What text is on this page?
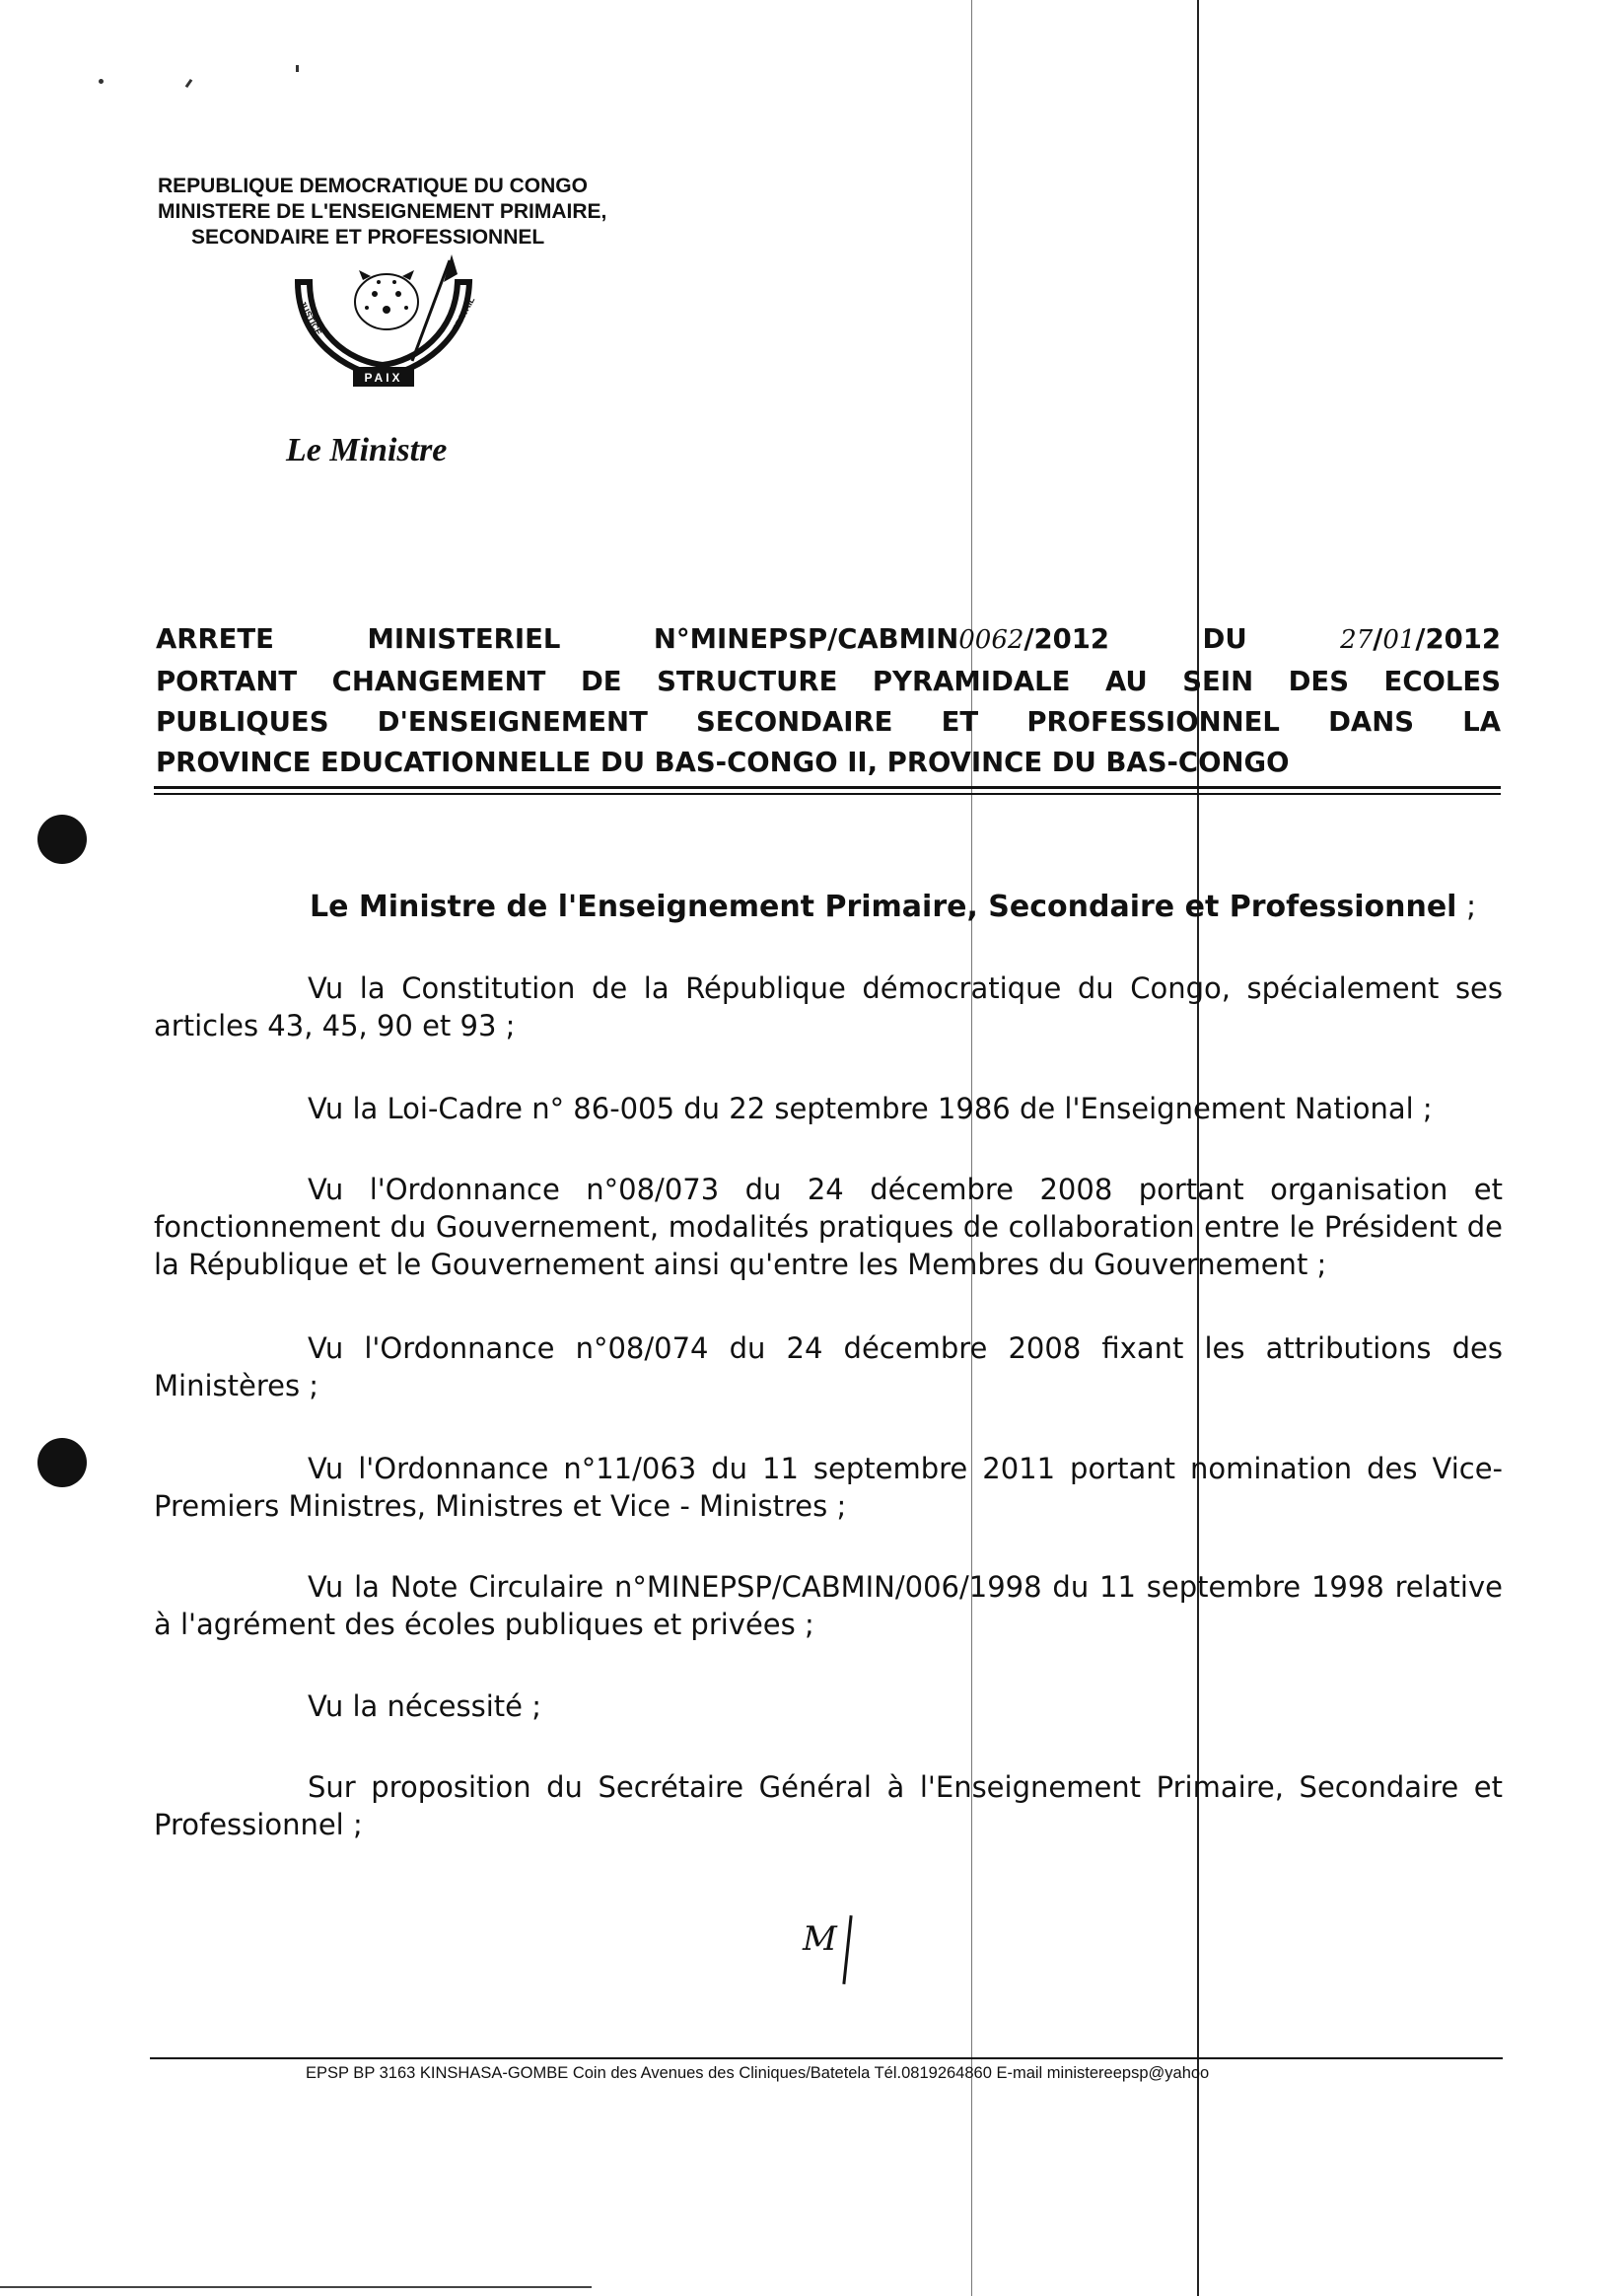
REPUBLIQUE DEMOCRATIQUE DU CONGO
MINISTERE DE L'ENSEIGNEMENT PRIMAIRE,
SECONDAIRE ET PROFESSIONNEL
PAIX
JUSTICE	TRAVAIL
Le Ministre
ARRETE MINISTERIEL N°MINEPSP/CABMIN0062/2012 DU	27/01/2012
PORTANT CHANGEMENT DE STRUCTURE PYRAMIDALE AU SEIN DES ECOLES
PUBLIQUES D'ENSEIGNEMENT SECONDAIRE ET PROFESSIONNEL DANS LA
PROVINCE EDUCATIONNELLE DU BAS-CONGO II, PROVINCE DU BAS-CONGO
Le Ministre de l'Enseignement Primaire, Secondaire et Professionnel ;
Vu la Constitution de la République démocratique du Congo, spécialement ses articles 43, 45, 90 et 93 ;
Vu la Loi-Cadre n° 86-005 du 22 septembre 1986 de l'Enseignement National ;
Vu l'Ordonnance n°08/073 du 24 décembre 2008 portant organisation et fonctionnement du Gouvernement, modalités pratiques de collaboration entre le Président de la République et le Gouvernement ainsi qu'entre les Membres du Gouvernement ;
Vu l'Ordonnance n°08/074 du 24 décembre 2008 fixant les attributions des Ministères ;
Vu l'Ordonnance n°11/063 du 11 septembre 2011 portant nomination des Vice-Premiers Ministres, Ministres et Vice - Ministres ;
Vu la Note Circulaire n°MINEPSP/CABMIN/006/1998 du 11 septembre 1998 relative à l'agrément des écoles publiques et privées ;
Vu la nécessité ;
Sur proposition du Secrétaire Général à l'Enseignement Primaire, Secondaire et Professionnel ;
M
EPSP BP 3163 KINSHASA-GOMBE Coin des Avenues des Cliniques/Batetela Tél.0819264860 E-mail ministereepsp@yahoo
